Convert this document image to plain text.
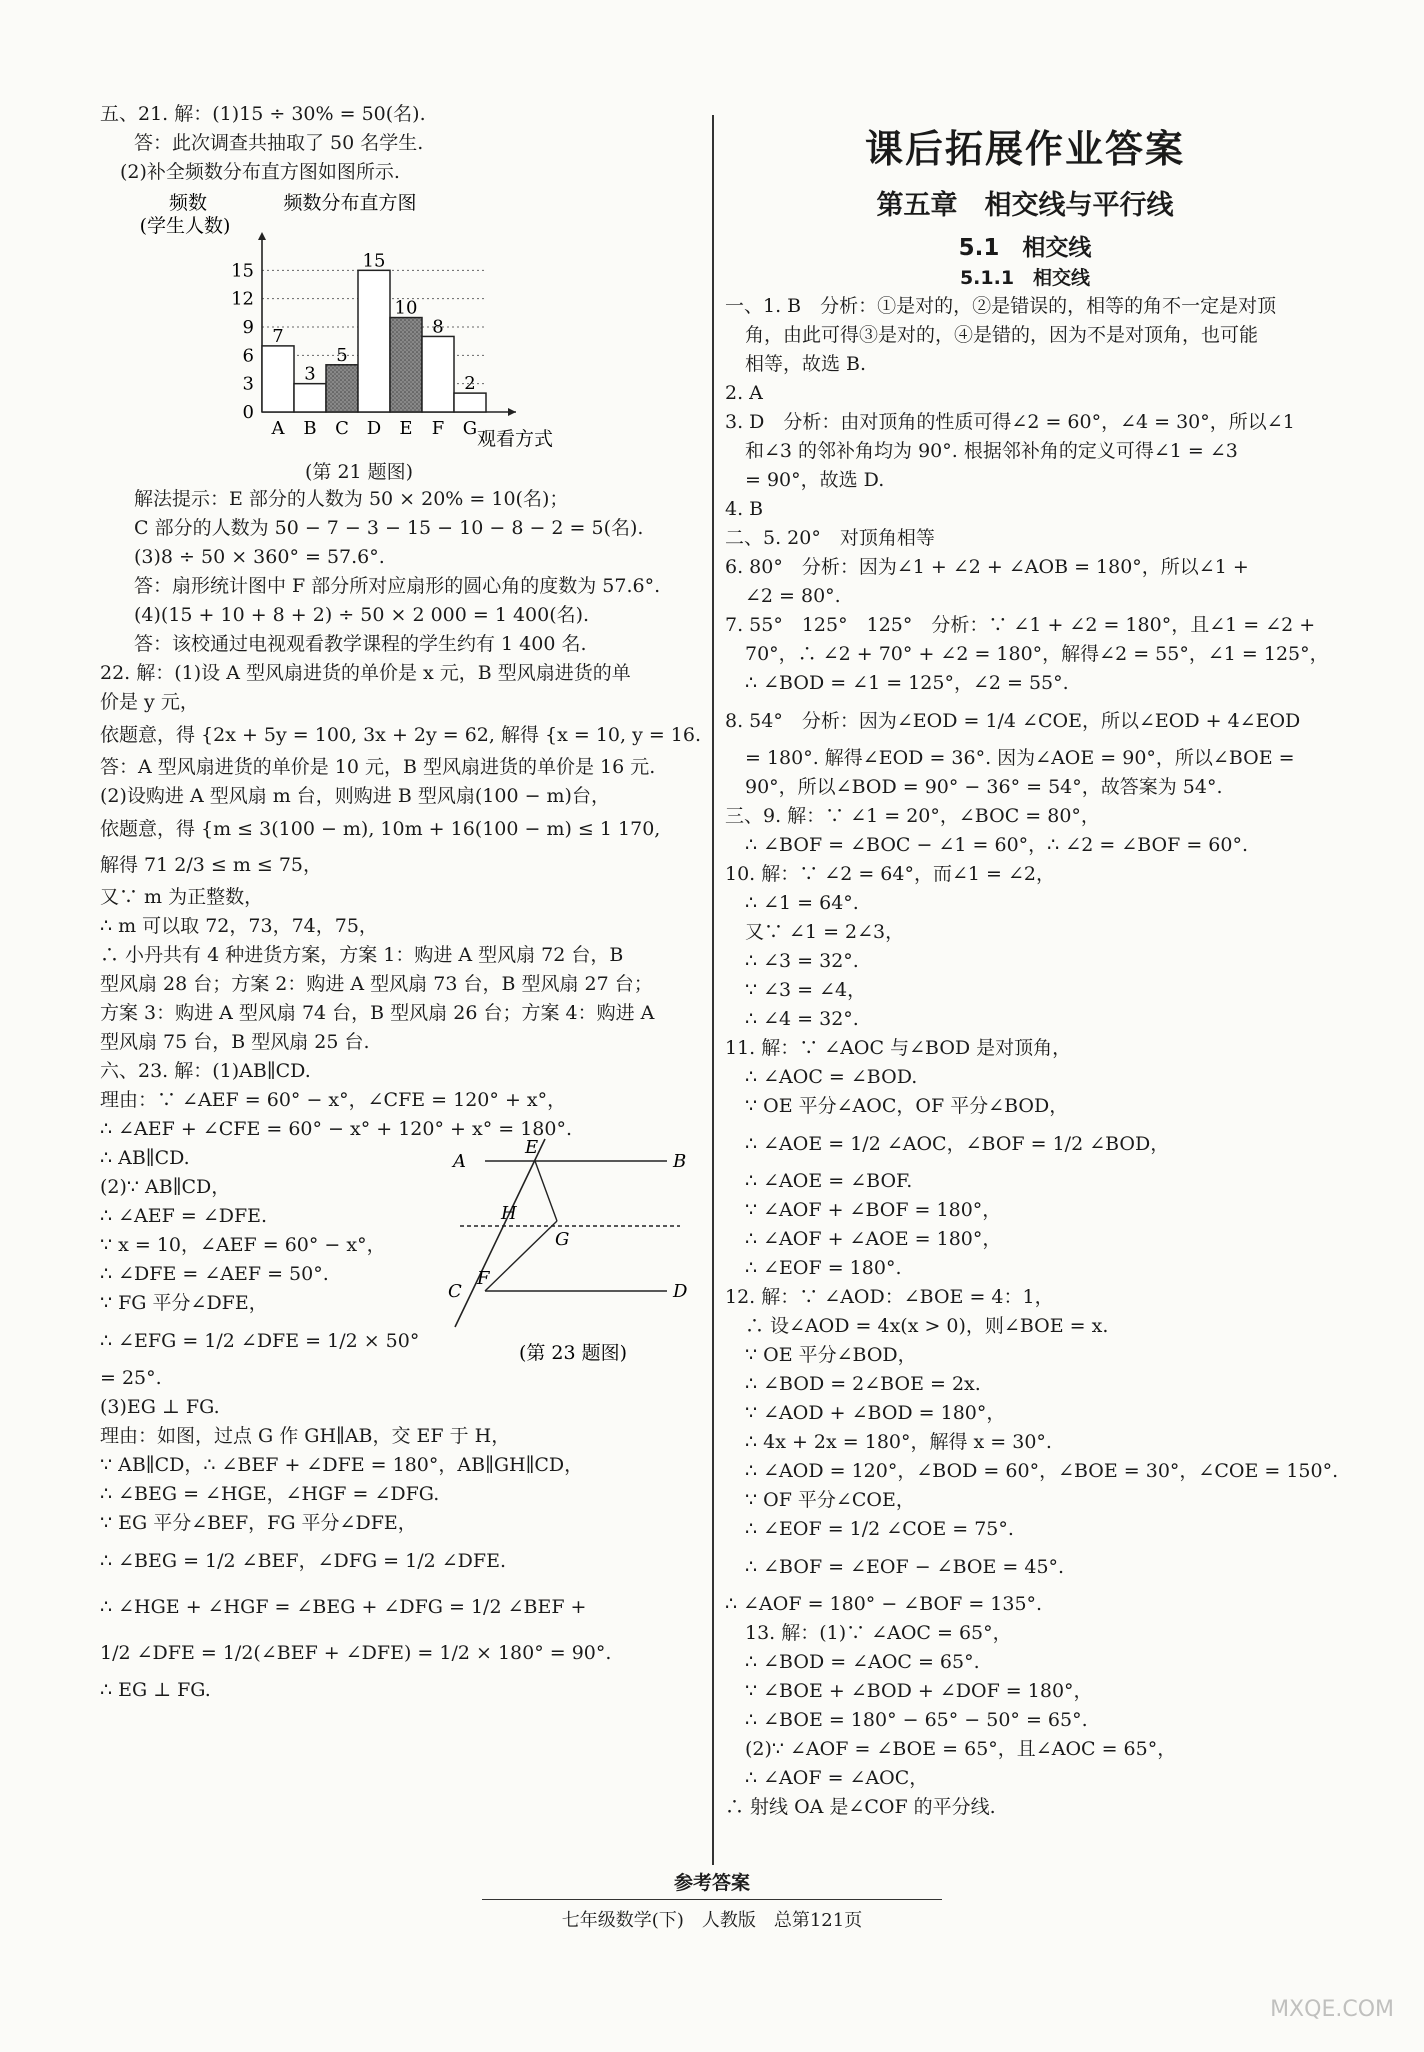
五、21. 解：(1)15 ÷ 30% = 50(名).
答：此次调查共抽取了 50 名学生.
(2)补全频数分布直方图如图所示.
频数
(学生人数)
频数分布直方图
观看方式
0
3
6
9
12
15
7
A
3
B
5
C
15
D
10
E
8
F
2
G
(第 21 题图)
解法提示：E 部分的人数为 50 × 20% = 10(名)；
C 部分的人数为 50 − 7 − 3 − 15 − 10 − 8 − 2 = 5(名).
(3)8 ÷ 50 × 360° = 57.6°.
答：扇形统计图中 F 部分所对应扇形的圆心角的度数为 57.6°.
(4)(15 + 10 + 8 + 2) ÷ 50 × 2 000 = 1 400(名).
答：该校通过电视观看教学课程的学生约有 1 400 名.
22. 解：(1)设 A 型风扇进货的单价是 x 元，B 型风扇进货的单
价是 y 元，
依题意，得 {2x + 5y = 100, 3x + 2y = 62, 解得 {x = 10, y = 16.
答：A 型风扇进货的单价是 10 元，B 型风扇进货的单价是 16 元.
(2)设购进 A 型风扇 m 台，则购进 B 型风扇(100 − m)台，
依题意，得 {m ≤ 3(100 − m), 10m + 16(100 − m) ≤ 1 170,
解得 71 2/3 ≤ m ≤ 75，
又∵ m 为正整数，
∴ m 可以取 72，73，74，75，
∴ 小丹共有 4 种进货方案，方案 1：购进 A 型风扇 72 台，B
型风扇 28 台；方案 2：购进 A 型风扇 73 台，B 型风扇 27 台；
方案 3：购进 A 型风扇 74 台，B 型风扇 26 台；方案 4：购进 A
型风扇 75 台，B 型风扇 25 台.
六、23. 解：(1)AB∥CD.
理由：∵ ∠AEF = 60° − x°，∠CFE = 120° + x°，
∴ ∠AEF + ∠CFE = 60° − x° + 120° + x° = 180°.
∴ AB∥CD.
(2)∵ AB∥CD，
∴ ∠AEF = ∠DFE.
∵ x = 10，∠AEF = 60° − x°，
∴ ∠DFE = ∠AEF = 50°.
∵ FG 平分∠DFE，
∴ ∠EFG = 1/2 ∠DFE = 1/2 × 50°
= 25°.
A	B
E
H
G
C
F
D
(第 23 题图)
(3)EG ⊥ FG.
理由：如图，过点 G 作 GH∥AB，交 EF 于 H，
∵ AB∥CD，∴ ∠BEF + ∠DFE = 180°，AB∥GH∥CD，
∴ ∠BEG = ∠HGE，∠HGF = ∠DFG.
∵ EG 平分∠BEF，FG 平分∠DFE，
∴ ∠BEG = 1/2 ∠BEF，∠DFG = 1/2 ∠DFE.
∴ ∠HGE + ∠HGF = ∠BEG + ∠DFG = 1/2 ∠BEF +
1/2 ∠DFE = 1/2(∠BEF + ∠DFE) = 1/2 × 180° = 90°.
∴ EG ⊥ FG.
课后拓展作业答案
第五章　相交线与平行线
5.1　相交线
5.1.1　相交线
一、1. B　分析：①是对的，②是错误的，相等的角不一定是对顶
角，由此可得③是对的，④是错的，因为不是对顶角，也可能
相等，故选 B.
2. A
3. D　分析：由对顶角的性质可得∠2 = 60°，∠4 = 30°，所以∠1
和∠3 的邻补角均为 90°. 根据邻补角的定义可得∠1 = ∠3
= 90°，故选 D.
4. B
二、5. 20°　对顶角相等
6. 80°　分析：因为∠1 + ∠2 + ∠AOB = 180°，所以∠1 +
∠2 = 80°.
7. 55°　125°　125°　分析：∵ ∠1 + ∠2 = 180°，且∠1 = ∠2 +
70°，∴ ∠2 + 70° + ∠2 = 180°，解得∠2 = 55°，∠1 = 125°，
∴ ∠BOD = ∠1 = 125°，∠2 = 55°.
8. 54°　分析：因为∠EOD = 1/4 ∠COE，所以∠EOD + 4∠EOD
= 180°. 解得∠EOD = 36°. 因为∠AOE = 90°，所以∠BOE =
90°，所以∠BOD = 90° − 36° = 54°，故答案为 54°.
三、9. 解：∵ ∠1 = 20°，∠BOC = 80°，
∴ ∠BOF = ∠BOC − ∠1 = 60°，∴ ∠2 = ∠BOF = 60°.
10. 解：∵ ∠2 = 64°，而∠1 = ∠2，
∴ ∠1 = 64°.
又∵ ∠1 = 2∠3，
∴ ∠3 = 32°.
∵ ∠3 = ∠4，
∴ ∠4 = 32°.
11. 解：∵ ∠AOC 与∠BOD 是对顶角，
∴ ∠AOC = ∠BOD.
∵ OE 平分∠AOC，OF 平分∠BOD，
∴ ∠AOE = 1/2 ∠AOC，∠BOF = 1/2 ∠BOD，
∴ ∠AOE = ∠BOF.
∵ ∠AOF + ∠BOF = 180°，
∴ ∠AOF + ∠AOE = 180°，
∴ ∠EOF = 180°.
12. 解：∵ ∠AOD：∠BOE = 4：1，
∴ 设∠AOD = 4x(x > 0)，则∠BOE = x.
∵ OE 平分∠BOD，
∴ ∠BOD = 2∠BOE = 2x.
∵ ∠AOD + ∠BOD = 180°，
∴ 4x + 2x = 180°，解得 x = 30°.
∴ ∠AOD = 120°，∠BOD = 60°，∠BOE = 30°，∠COE = 150°.
∵ OF 平分∠COE，
∴ ∠EOF = 1/2 ∠COE = 75°.
∴ ∠BOF = ∠EOF − ∠BOE = 45°.
∴ ∠AOF = 180° − ∠BOF = 135°.
13. 解：(1)∵ ∠AOC = 65°，
∴ ∠BOD = ∠AOC = 65°.
∵ ∠BOE + ∠BOD + ∠DOF = 180°，
∴ ∠BOE = 180° − 65° − 50° = 65°.
(2)∵ ∠AOF = ∠BOE = 65°，且∠AOC = 65°，
∴ ∠AOF = ∠AOC，
∴ 射线 OA 是∠COF 的平分线.
参考答案
七年级数学(下)　人教版　总第121页
MXQE.COM
